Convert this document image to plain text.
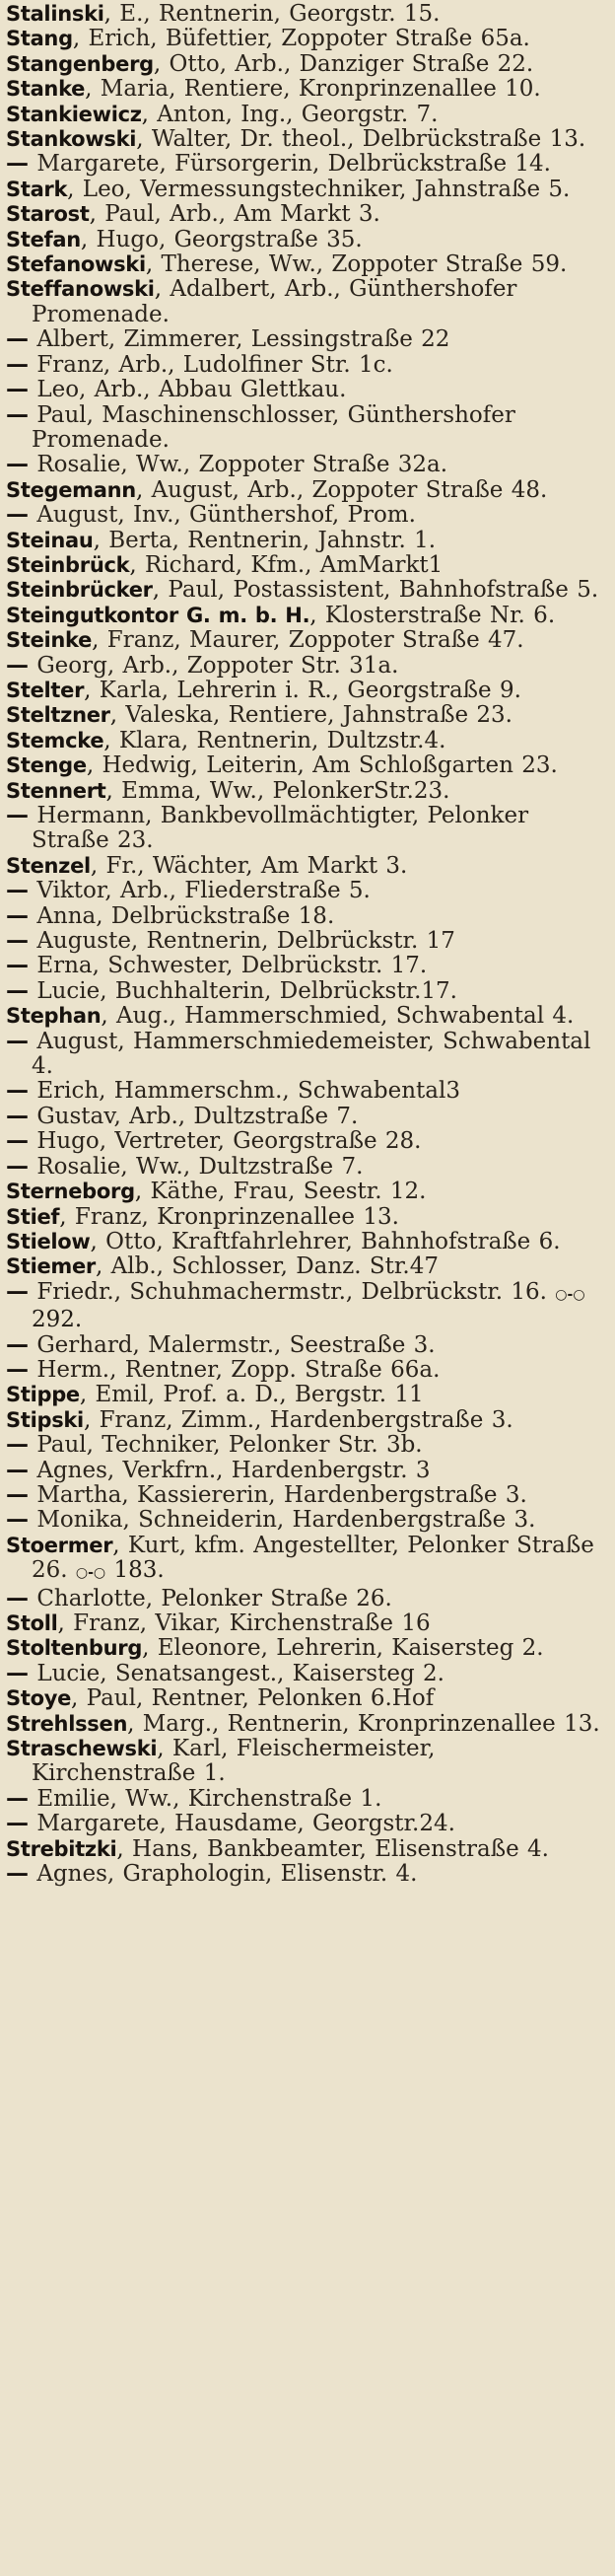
Stalinski, E., Rentnerin, Georgstr. 15.

Stang, Erich, Büfettier, Zoppoter Straße 65a.

Stangenberg, Otto, Arb., Danziger Straße 22.

Stanke, Maria, Rentiere, Kronprinzenallee 10.

Stankiewicz, Anton, Ing., Georgstr. 7.

Stankowski, Walter, Dr. theol., Delbrückstraße 13.

— Margarete, Fürsorgerin, Delbrückstraße 14.

Stark, Leo, Vermessungstechniker, Jahnstraße 5.

Starost, Paul, Arb., Am Markt 3.

Stefan, Hugo, Georgstraße 35.

Stefanowski, Therese, Ww., Zoppoter Straße 59.

Steffanowski, Adalbert, Arb., Günthershofer Promenade.

— Albert, Zimmerer, Lessingstraße 22

— Franz, Arb., Ludolfiner Str. 1c.

— Leo, Arb., Abbau Glettkau.

— Paul, Maschinenschlosser, Günthershofer Promenade.

— Rosalie, Ww., Zoppoter Straße 32a.

Stegemann, August, Arb., Zoppoter Straße 48.

— August, Inv., Günthershof, Prom.

Steinau, Berta, Rentnerin, Jahnstr. 1.

Steinbrück, Richard, Kfm., AmMarkt1

Steinbrücker, Paul, Postassistent, Bahnhofstraße 5.

Steingutkontor G. m. b. H., Klosterstraße Nr. 6.

Steinke, Franz, Maurer, Zoppoter Straße 47.

— Georg, Arb., Zoppoter Str. 31a.

Stelter, Karla, Lehrerin i. R., Georgstraße 9.

Steltzner, Valeska, Rentiere, Jahnstraße 23.

Stemcke, Klara, Rentnerin, Dultzstr.4.

Stenge, Hedwig, Leiterin, Am Schloßgarten 23.

Stennert, Emma, Ww., PelonkerStr.23.

— Hermann, Bankbevollmächtigter, Pelonker Straße 23.

Stenzel, Fr., Wächter, Am Markt 3.

— Viktor, Arb., Fliederstraße 5.

— Anna, Delbrückstraße 18.

— Auguste, Rentnerin, Delbrückstr. 17

— Erna, Schwester, Delbrückstr. 17.

— Lucie, Buchhalterin, Delbrückstr.17.

Stephan, Aug., Hammerschmied, Schwabental 4.

— August, Hammerschmiedemeister, Schwabental 4.

— Erich, Hammerschm., Schwabental3

— Gustav, Arb., Dultzstraße 7.

— Hugo, Vertreter, Georgstraße 28.

— Rosalie, Ww., Dultzstraße 7.

Sterneborg, Käthe, Frau, Seestr. 12.

Stief, Franz, Kronprinzenallee 13.

Stielow, Otto, Kraftfahrlehrer, Bahnhofstraße 6.

Stiemer, Alb., Schlosser, Danz. Str.47

— Friedr., Schuhmachermstr., Delbrückstr. 16. ○-○ 292.

— Gerhard, Malermstr., Seestraße 3.

— Herm., Rentner, Zopp. Straße 66a.

Stippe, Emil, Prof. a. D., Bergstr. 11

Stipski, Franz, Zimm., Hardenbergstraße 3.

— Paul, Techniker, Pelonker Str. 3b.

— Agnes, Verkfrn., Hardenbergstr. 3

— Martha, Kassiererin, Hardenbergstraße 3.

— Monika, Schneiderin, Hardenbergstraße 3.

Stoermer, Kurt, kfm. Angestellter, Pelonker Straße 26. ○-○ 183.

— Charlotte, Pelonker Straße 26.

Stoll, Franz, Vikar, Kirchenstraße 16

Stoltenburg, Eleonore, Lehrerin, Kaisersteg 2.

— Lucie, Senatsangest., Kaisersteg 2.

Stoye, Paul, Rentner, Pelonken 6.Hof

Strehlssen, Marg., Rentnerin, Kronprinzenallee 13.

Straschewski, Karl, Fleischermeister, Kirchenstraße 1.

— Emilie, Ww., Kirchenstraße 1.

— Margarete, Hausdame, Georgstr.24.

Strebitzki, Hans, Bankbeamter, Elisenstraße 4.

— Agnes, Graphologin, Elisenstr. 4.
